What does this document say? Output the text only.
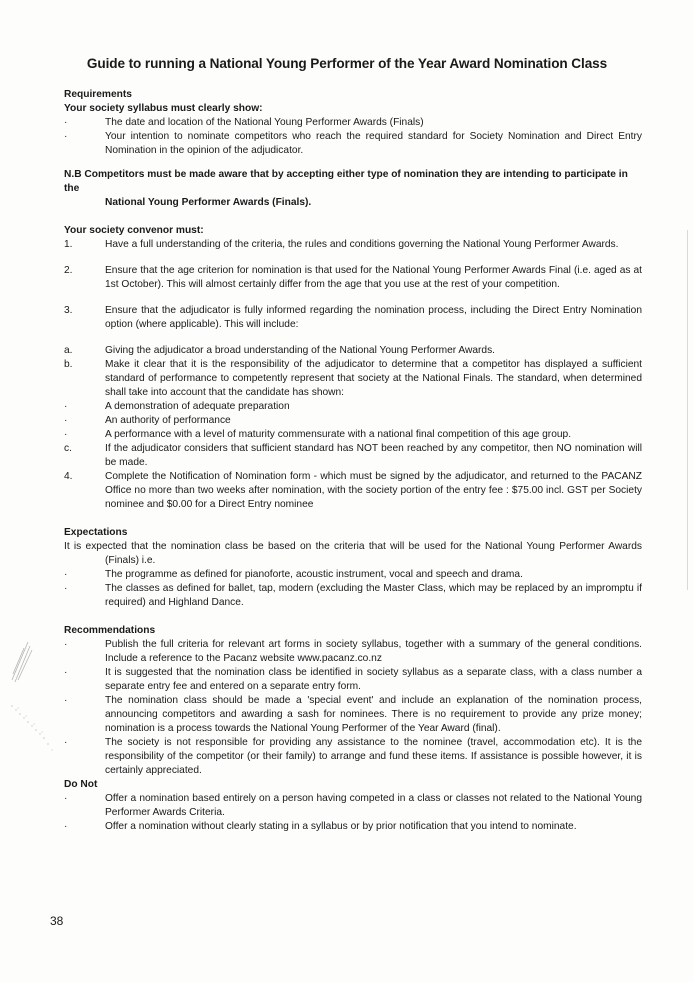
Guide to running a National Young Performer of the Year Award Nomination Class

Requirements

Your society syllabus must clearly show:

·	The date and location of the National Young Performer Awards (Finals)
·	Your intention to nominate competitors who reach the required standard for Society Nomination and Direct Entry Nomination in the opinion of the adjudicator.

N.B Competitors must be made aware that by accepting either type of nomination they are intending to participate in the
National Young Performer Awards (Finals).

Your society convenor must:

1.	Have a full understanding of the criteria, the rules and conditions governing the National Young Performer Awards.
2.	Ensure that the age criterion for nomination is that used for the National Young Performer Awards Final (i.e. aged as at 1st October). This will almost certainly differ from the age that you use at the rest of your competition.
3.	Ensure that the adjudicator is fully informed regarding the nomination process, including the Direct Entry Nomination option (where applicable). This will include:
a.	Giving the adjudicator a broad understanding of the National Young Performer Awards.
b.	Make it clear that it is the responsibility of the adjudicator to determine that a competitor has displayed a sufficient standard of performance to competently represent that society at the National Finals. The standard, when determined shall take into account that the candidate has shown:
·	A demonstration of adequate preparation
·	An authority of performance
·	A performance with a level of maturity commensurate with a national final competition of this age group.
c.	If the adjudicator considers that sufficient standard has NOT been reached by any competitor, then NO nomination will be made.
4.	Complete the Notification of Nomination form - which must be signed by the adjudicator, and returned to the PACANZ Office no more than two weeks after nomination, with the society portion of the entry fee : $75.00 incl. GST per Society nominee and $0.00 for a Direct Entry nominee

Expectations

It is expected that the nomination class be based on the criteria that will be used for the National Young Performer Awards (Finals) i.e.

·	The programme as defined for pianoforte, acoustic instrument, vocal and speech and drama.
·	The classes as defined for ballet, tap, modern (excluding the Master Class, which may be replaced by an impromptu if required) and Highland Dance.

Recommendations

·	Publish the full criteria for relevant art forms in society syllabus, together with a summary of the general conditions. Include a reference to the Pacanz website www.pacanz.co.nz
·	It is suggested that the nomination class be identified in society syllabus as a separate class, with a class number a separate entry fee and entered on a separate entry form.
·	The nomination class should be made a 'special event' and include an explanation of the nomination process, announcing competitors and awarding a sash for nominees. There is no requirement to provide any prize money; nomination is a process towards the National Young Performer of the Year Award (final).
·	The society is not responsible for providing any assistance to the nominee (travel, accommodation etc). It is the responsibility of the competitor (or their family) to arrange and fund these items. If assistance is possible however, it is certainly appreciated.

Do Not

·	Offer a nomination based entirely on a person having competed in a class or classes not related to the National Young Performer Awards Criteria.
·	Offer a nomination without clearly stating in a syllabus or by prior notification that you intend to nominate.
38
